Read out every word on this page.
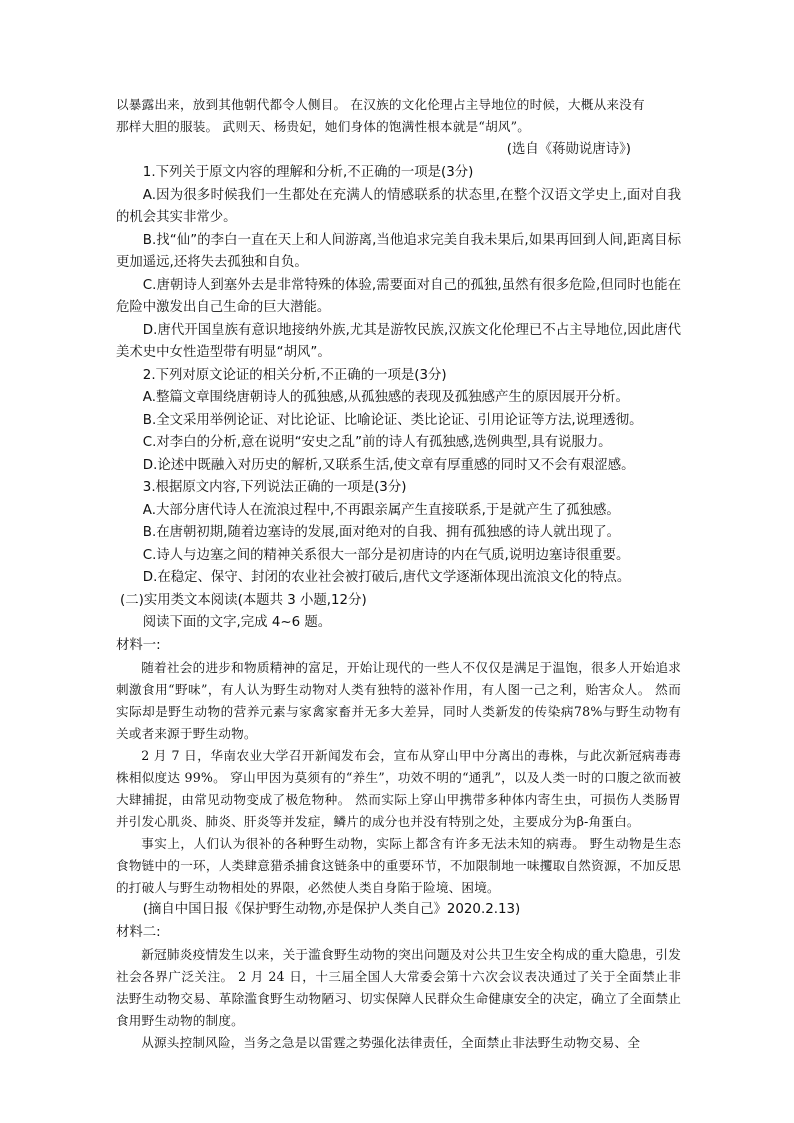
以暴露出来，放到其他朝代都令人侧目。 在汉族的文化伦理占主导地位的时候，大概从来没有

那样大胆的服装。 武则天、杨贵妃，她们身体的饱满性根本就是“胡风”。

(选自《蒋勋说唐诗》)

1.下列关于原文内容的理解和分析,不正确的一项是(3分)

A.因为很多时候我们一生都处在充满人的情感联系的状态里,在整个汉语文学史上,面对自我的机会其实非常少。

B.找“仙”的李白一直在天上和人间游离,当他追求完美自我未果后,如果再回到人间,距离目标更加遥远,还将失去孤独和自负。

C.唐朝诗人到塞外去是非常特殊的体验,需要面对自己的孤独,虽然有很多危险,但同时也能在危险中激发出自己生命的巨大潜能。

D.唐代开国皇族有意识地接纳外族,尤其是游牧民族,汉族文化伦理已不占主导地位,因此唐代美术史中女性造型带有明显“胡风”。

2.下列对原文论证的相关分析,不正确的一项是(3分)

A.整篇文章围绕唐朝诗人的孤独感,从孤独感的表现及孤独感产生的原因展开分析。

B.全文采用举例论证、对比论证、比喻论证、类比论证、引用论证等方法,说理透彻。

C.对李白的分析,意在说明“安史之乱”前的诗人有孤独感,选例典型,具有说服力。

D.论述中既融入对历史的解析,又联系生活,使文章有厚重感的同时又不会有艰涩感。

3.根据原文内容,下列说法正确的一项是(3分)

A.大部分唐代诗人在流浪过程中,不再跟亲属产生直接联系,于是就产生了孤独感。

B.在唐朝初期,随着边塞诗的发展,面对绝对的自我、拥有孤独感的诗人就出现了。

C.诗人与边塞之间的精神关系很大一部分是初唐诗的内在气质,说明边塞诗很重要。

D.在稳定、保守、封闭的农业社会被打破后,唐代文学逐渐体现出流浪文化的特点。

(二)实用类文本阅读(本题共 3 小题,12分)

阅读下面的文字,完成 4~6 题。

材料一:

随着社会的进步和物质精神的富足，开始让现代的一些人不仅仅是满足于温饱，很多人开始追求刺激食用“野味”，有人认为野生动物对人类有独特的滋补作用，有人图一己之利，贻害众人。 然而实际却是野生动物的营养元素与家禽家畜并无多大差异，同时人类新发的传染病78%与野生动物有关或者来源于野生动物。

2 月 7 日，华南农业大学召开新闻发布会，宣布从穿山甲中分离出的毒株，与此次新冠病毒毒株相似度达 99%。 穿山甲因为莫须有的“养生”，功效不明的“通乳”，以及人类一时的口腹之欲而被大肆捕捉，由常见动物变成了极危物种。 然而实际上穿山甲携带多种体内寄生虫，可损伤人类肠胃并引发心肌炎、肺炎、肝炎等并发症，鳞片的成分也并没有特别之处，主要成分为β-角蛋白。

事实上，人们认为很补的各种野生动物，实际上都含有许多无法未知的病毒。 野生动物是生态食物链中的一环，人类肆意猎杀捕食这链条中的重要环节，不加限制地一味攫取自然资源，不加反思的打破人与野生动物相处的界限，必然使人类自身陷于险境、困境。

(摘自中国日报《保护野生动物,亦是保护人类自己》2020.2.13)

材料二:

新冠肺炎疫情发生以来，关于滥食野生动物的突出问题及对公共卫生安全构成的重大隐患，引发社会各界广泛关注。 2 月 24 日，十三届全国人大常委会第十六次会议表决通过了关于全面禁止非法野生动物交易、革除滥食野生动物陋习、切实保障人民群众生命健康安全的决定，确立了全面禁止食用野生动物的制度。

从源头控制风险，当务之急是以雷霆之势强化法律责任，全面禁止非法野生动物交易、全
